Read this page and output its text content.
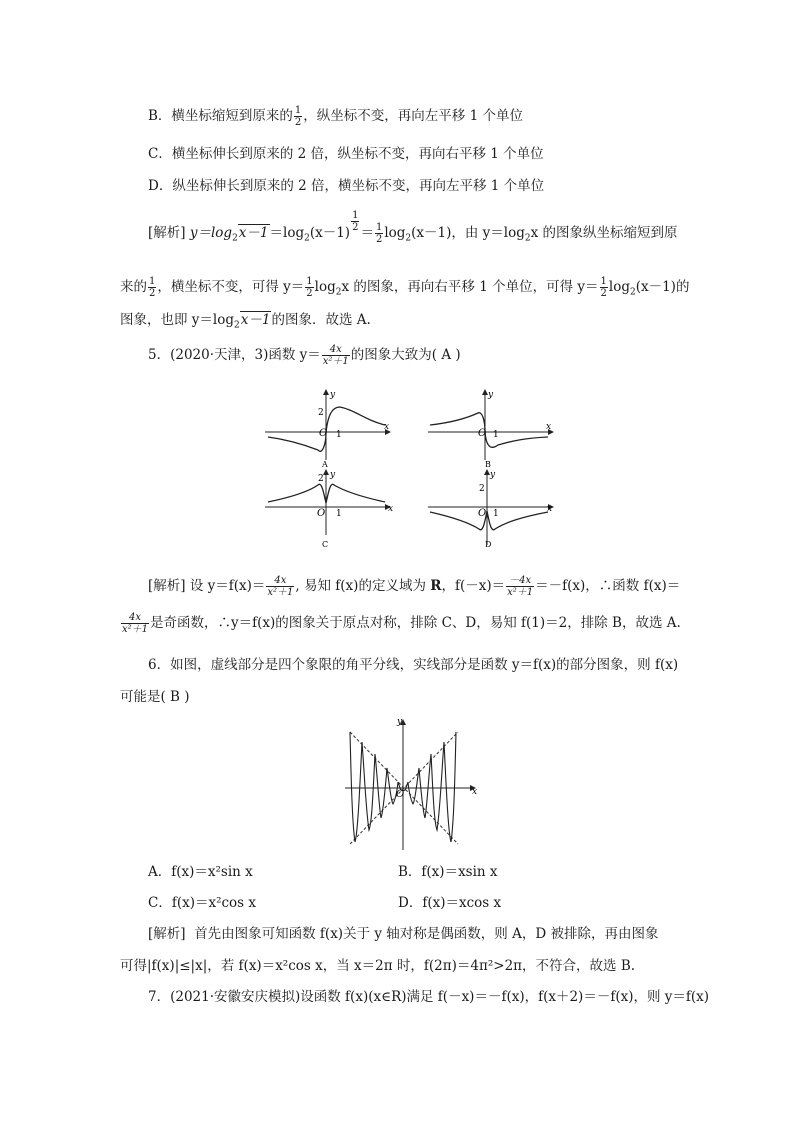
B．横坐标缩短到原来的 $\frac{1}{2}$ ，纵坐标不变，再向左平移 1 个单位
C．横坐标伸长到原来的 2 倍，纵坐标不变，再向右平移 1 个单位
D．纵坐标伸长到原来的 2 倍，横坐标不变，再向左平移 1 个单位
[解析] $y=\log_2x-1=\log_2(x-1) \frac{1}{2} = \frac{1}{2} \log_2(x-1)$，由 $y=\log_2x$ 的图象纵坐标缩短到原
来的 $\frac{1}{2}$ ，横坐标不变，可得 $y= \frac{1}{2} \log_2x$ 的图象，再向右平移 1 个单位，可得 $y= \frac{1}{2} \log_2(x-1)$的
图象，也即 $y=\log_2x-1$的图象．故选 A.
5．(2020·天津，3)函数 $y= \frac{4x}{\text{x²＋1}}$ 的图象大致为( A )
O 1
2
y
x
A
O 1
y
x
B
O 1
2 y
x
C
O 1
2
y
x
D
[解析] 设 $y=f(x)= \frac{4x}{\text{x²＋1}}$ , 易知 f(x)的定义域为 R，$f(-x)= \frac{-4x}{\text{x²＋1}} =-f(x)$，∴函数 f(x)＝
$\frac{4x}{\text{x²＋1}}$ 是奇函数，∴y＝f(x)的图象关于原点对称，排除 C、D，易知 f(1)＝2，排除 B，故选 A.
6．如图，虚线部分是四个象限的角平分线，实线部分是函数 y＝f(x)的部分图象，则 f(x)
可能是( B )
O
y
x
A．f(x)＝x²sin x	B．f(x)＝xsin x
C．f(x)＝x²cos x	D．f(x)＝xcos x
[解析] 首先由图象可知函数 f(x)关于 y 轴对称是偶函数，则 A，D 被排除，再由图象
可得|f(x)|≤|x|，若 f(x)＝x²cos x，当 x＝2π 时，f(2π)＝4π²>2π，不符合，故选 B.
7．(2021·安徽安庆模拟)设函数 f(x)(x∈R)满足 f(－x)＝－f(x)，f(x＋2)＝－f(x)，则 y＝f(x)
